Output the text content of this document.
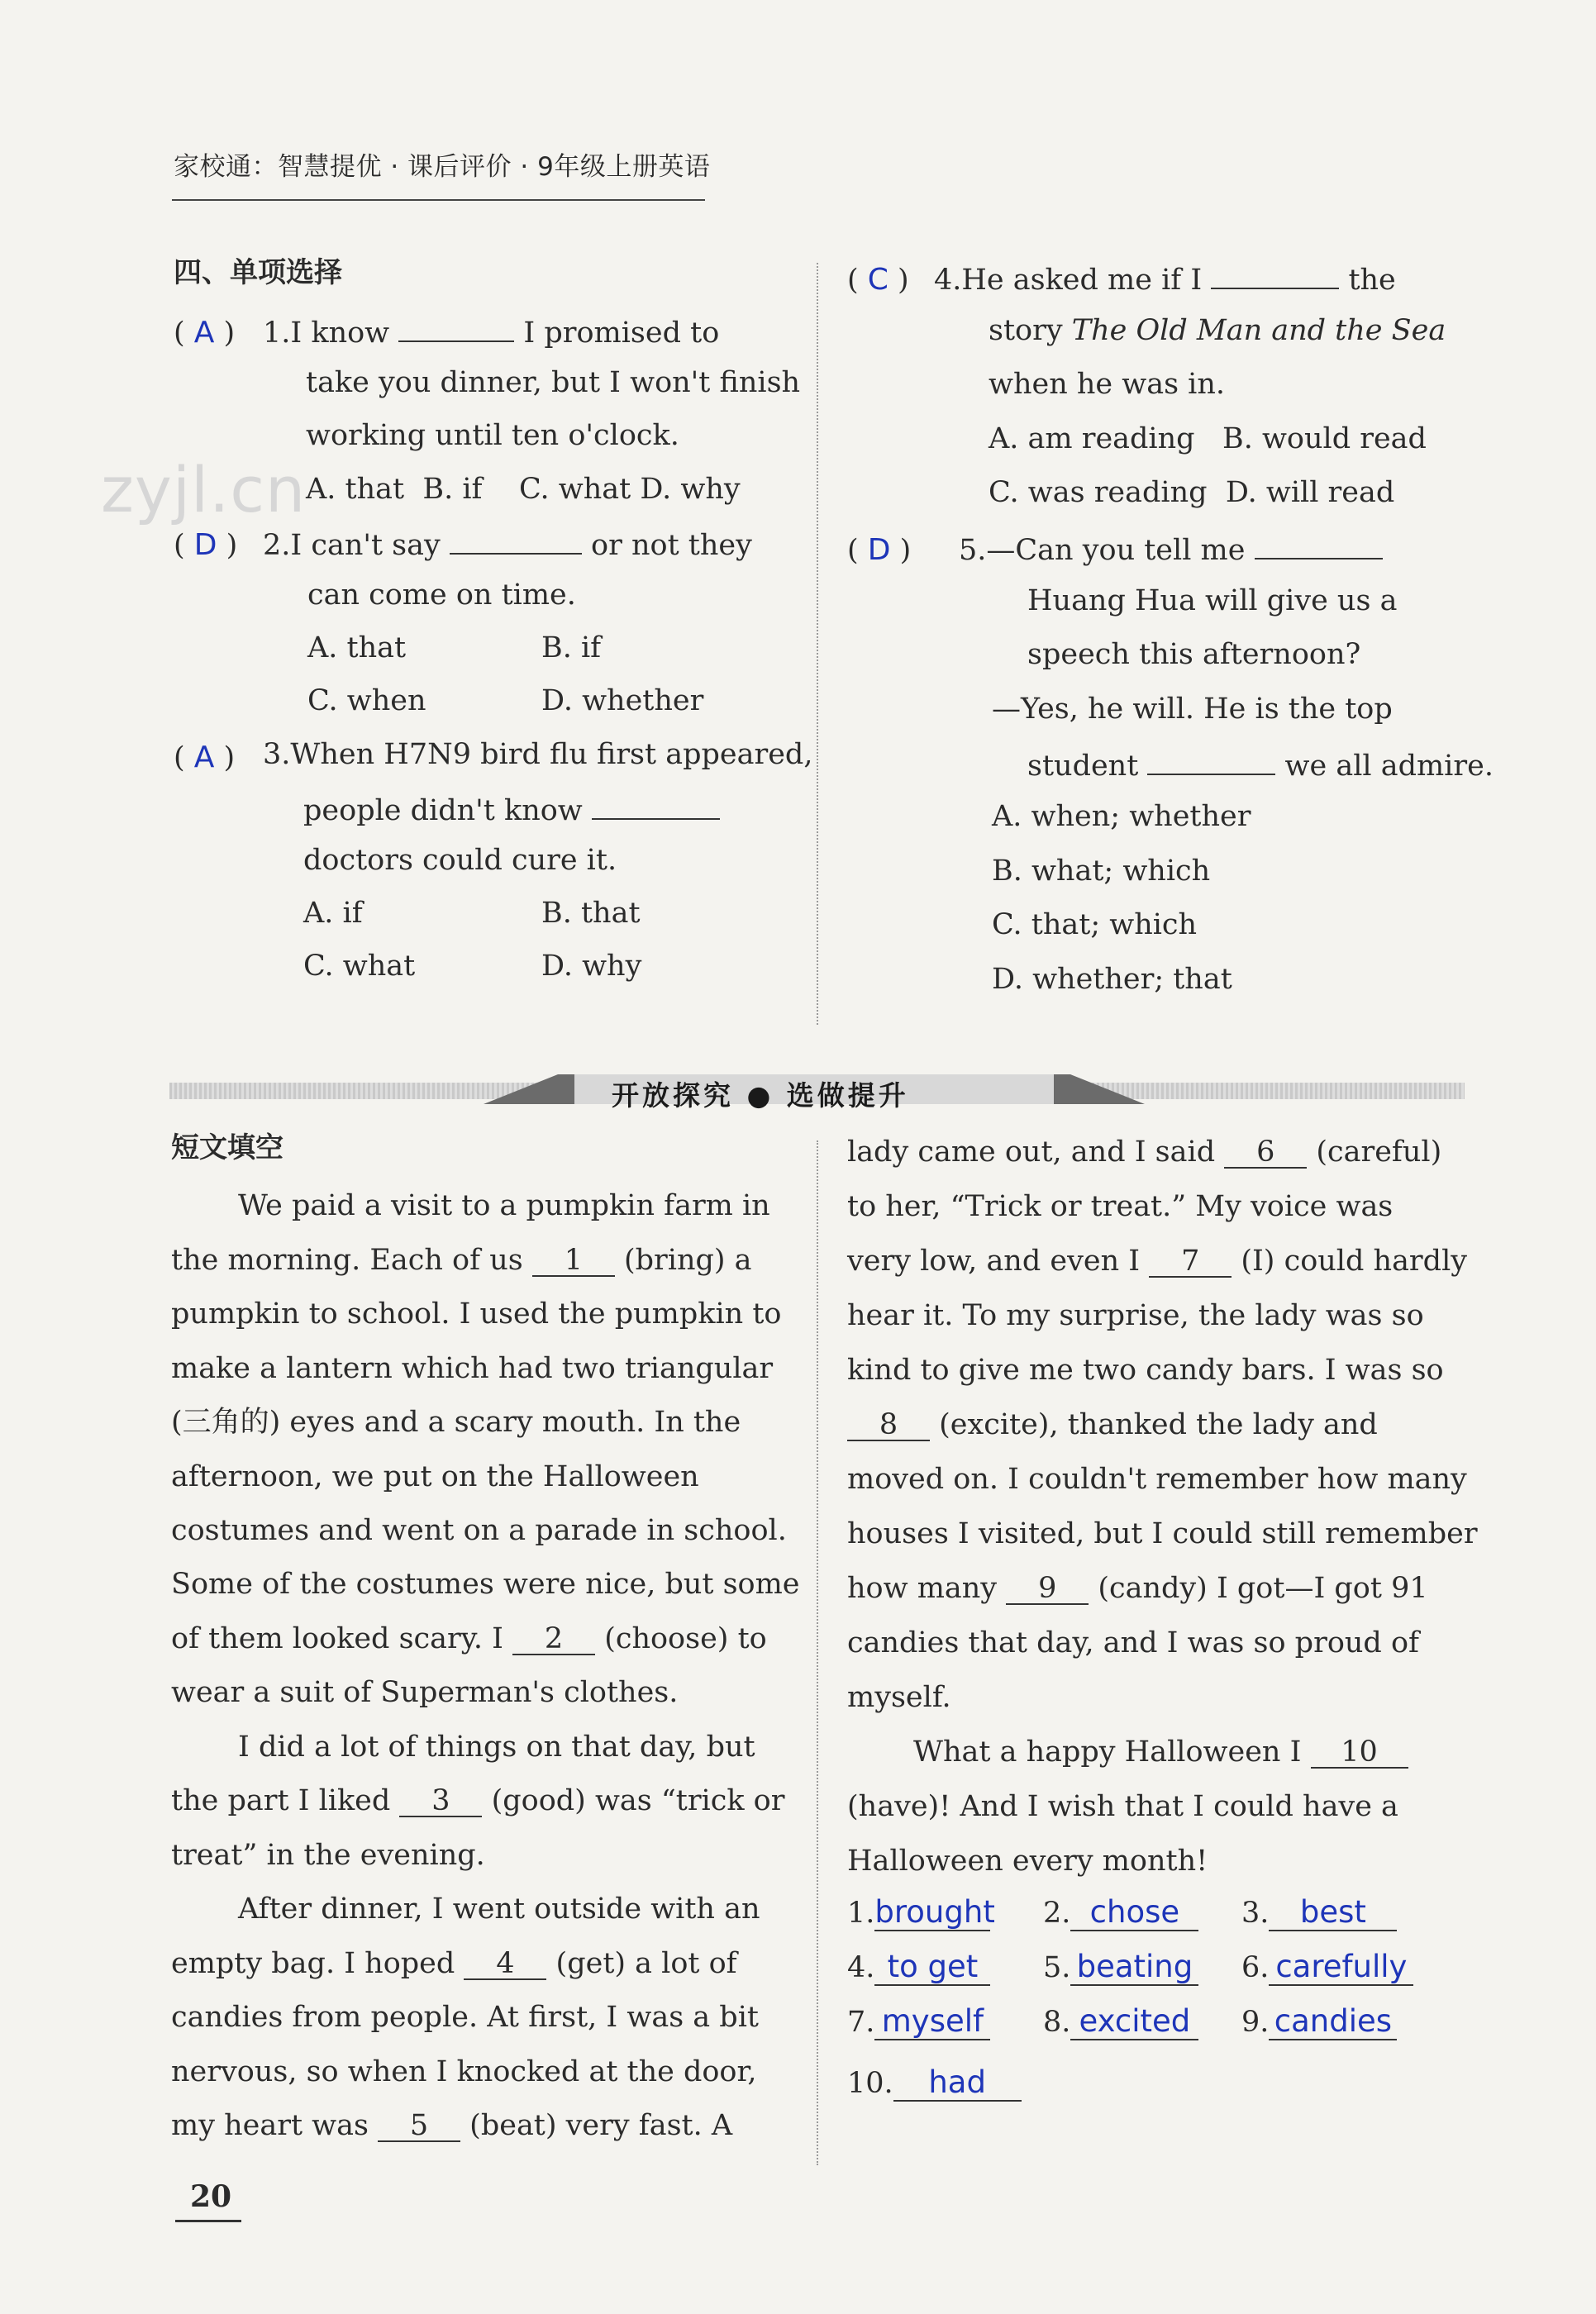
家校通：智慧提优 · 课后评价 · 9年级上册英语
zyjl.cn
四、单项选择
( A ) 1.I know	I promised to
take you dinner, but I won't finish
working until ten o'clock.
A. that B. if C. what D. why
( D ) 2.I can't say	or not they
can come on time.
A. that	B. if
C. when	D. whether
( A ) 3.When H7N9 bird flu first appeared,
people didn't know
doctors could cure it.
A. if	B. that
C. what	D. why
( C ) 4.He asked me if I	the
story The Old Man and the Sea
when he was in.
A. am reading B. would read
C. was reading D. will read
( D ) 5.—Can you tell me
Huang Hua will give us a
speech this afternoon?
—Yes, he will. He is the top
student	we all admire.
A. when; whether
B. what; which
C. that; which
D. whether; that
开放探究 ● 选做提升
短文填空
We paid a visit to a pumpkin farm in
the morning. Each of us 1 (bring) a
pumpkin to school. I used the pumpkin to
make a lantern which had two triangular
(三角的) eyes and a scary mouth. In the
afternoon, we put on the Halloween
costumes and went on a parade in school.
Some of the costumes were nice, but some
of them looked scary. I 2 (choose) to
wear a suit of Superman's clothes.
I did a lot of things on that day, but
the part I liked 3 (good) was “trick or
treat” in the evening.
After dinner, I went outside with an
empty bag. I hoped 4 (get) a lot of
candies from people. At first, I was a bit
nervous, so when I knocked at the door,
my heart was 5 (beat) very fast. A
lady came out, and I said 6 (careful)
to her, “Trick or treat.” My voice was
very low, and even I 7 (I) could hardly
hear it. To my surprise, the lady was so
kind to give me two candy bars. I was so
8 (excite), thanked the lady and
moved on. I couldn't remember how many
houses I visited, but I could still remember
how many 9 (candy) I got—I got 91
candies that day, and I was so proud of
myself.
What a happy Halloween I 10
(have)! And I wish that I could have a
Halloween every month!
1.brought 2. chose	3. best
4. to get	5. beating 6. carefully
7. myself 8. excited 9. candies
10. had
20
